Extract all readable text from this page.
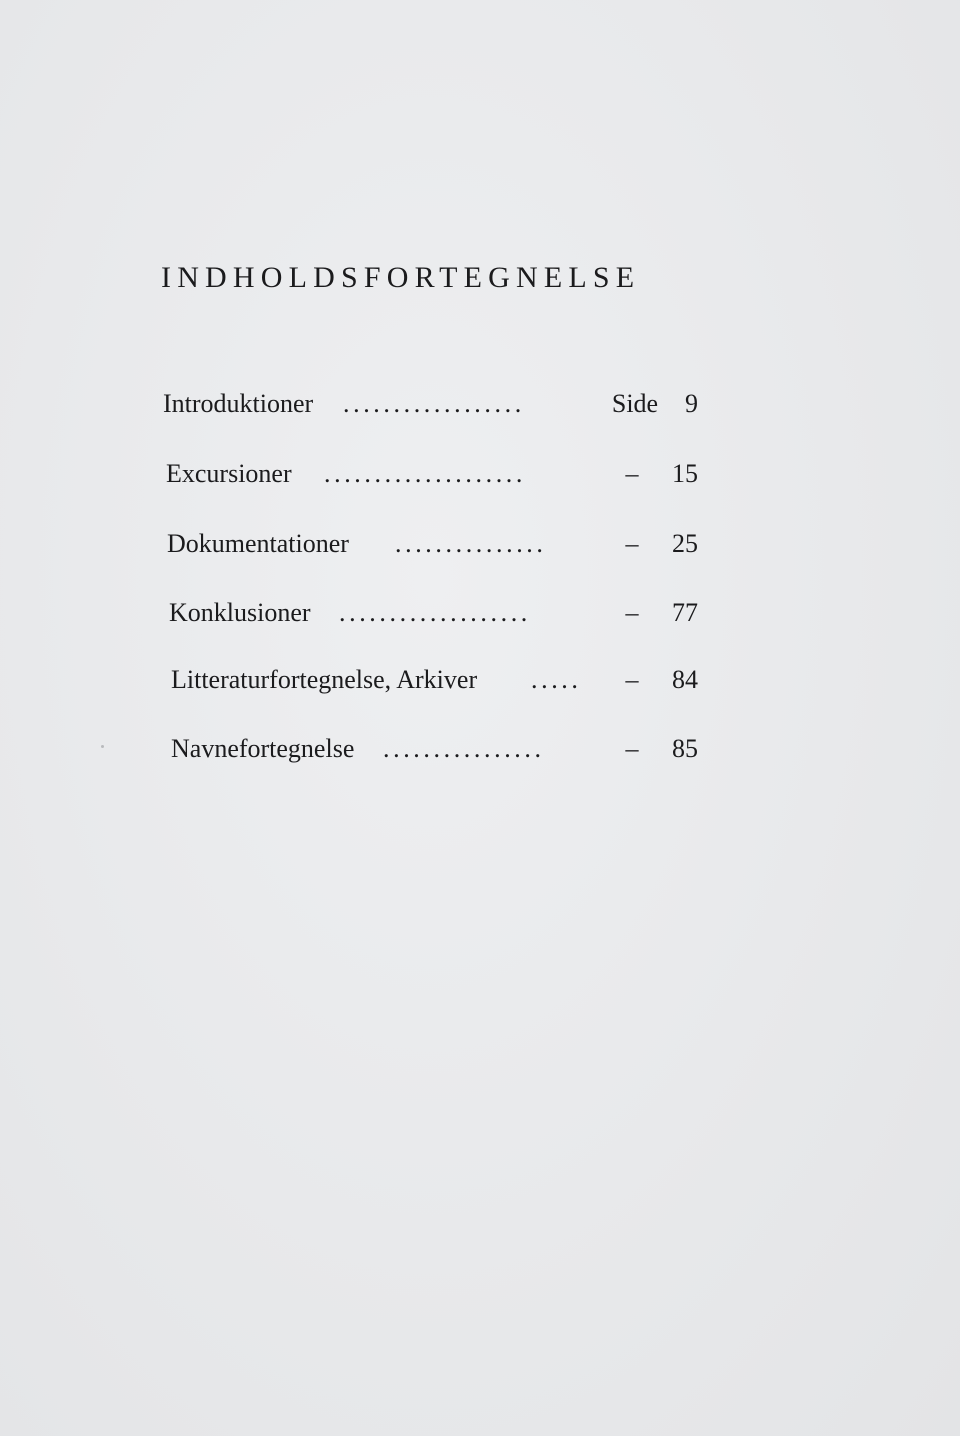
INDHOLDSFORTEGNELSE
Introduktioner ..................	Side 9
Excursioner ....................	– 15
Dokumentationer ...............	– 25
Konklusioner ...................	– 77
Litteraturfortegnelse, Arkiver .....	– 84
Navnefortegnelse ................	– 85
